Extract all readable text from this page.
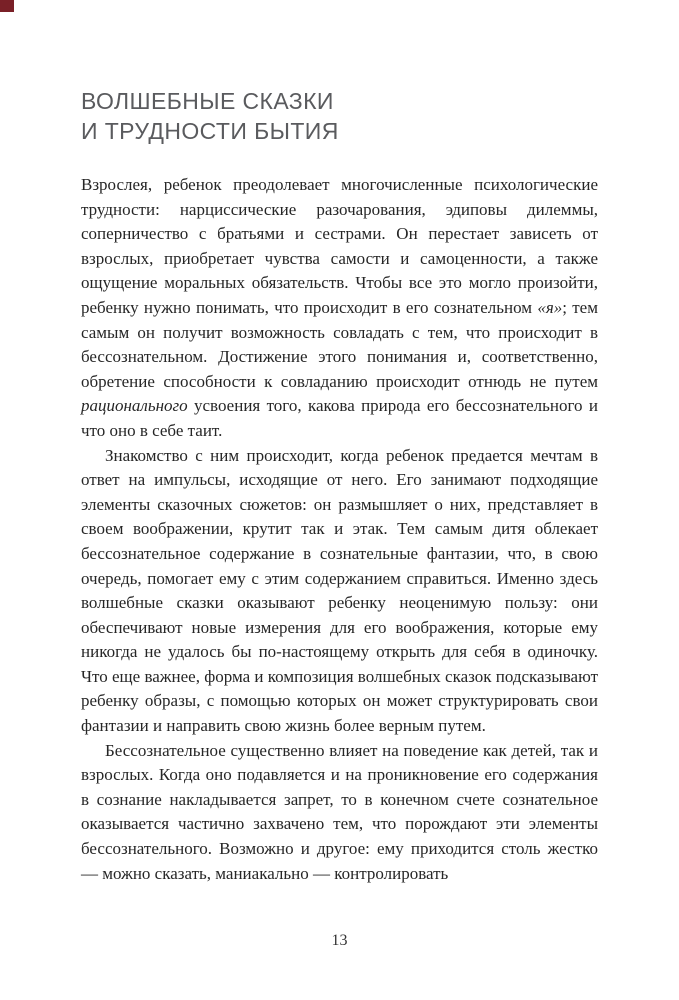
ВОЛШЕБНЫЕ СКАЗКИ
И ТРУДНОСТИ БЫТИЯ

Взрослея, ребенок преодолевает многочисленные психологические трудности: нарциссические разочарования, эдиповы дилеммы, соперничество с братьями и сестрами. Он перестает зависеть от взрослых, приобретает чувства самости и самоценности, а также ощущение моральных обязательств. Чтобы все это могло произойти, ребенку нужно понимать, что происходит в его сознательном «я»; тем самым он получит возможность совладать с тем, что происходит в бессознательном. Достижение этого понимания и, соответственно, обретение способности к совладанию происходит отнюдь не путем рационального усвоения того, какова природа его бессознательного и что оно в себе таит.

Знакомство с ним происходит, когда ребенок предается мечтам в ответ на импульсы, исходящие от него. Его занимают подходящие элементы сказочных сюжетов: он размышляет о них, представляет в своем воображении, крутит так и этак. Тем самым дитя облекает бессознательное содержание в сознательные фантазии, что, в свою очередь, помогает ему с этим содержанием справиться. Именно здесь волшебные сказки оказывают ребенку неоценимую пользу: они обеспечивают новые измерения для его воображения, которые ему никогда не удалось бы по-настоящему открыть для себя в одиночку. Что еще важнее, форма и композиция волшебных сказок подсказывают ребенку образы, с помощью которых он может структурировать свои фантазии и направить свою жизнь более верным путем.

Бессознательное существенно влияет на поведение как детей, так и взрослых. Когда оно подавляется и на проникновение его содержания в сознание накладывается запрет, то в конечном счете сознательное оказывается частично захвачено тем, что порождают эти элементы бессознательного. Возможно и другое: ему приходится столь жестко — можно сказать, маниакально — контролировать

13
